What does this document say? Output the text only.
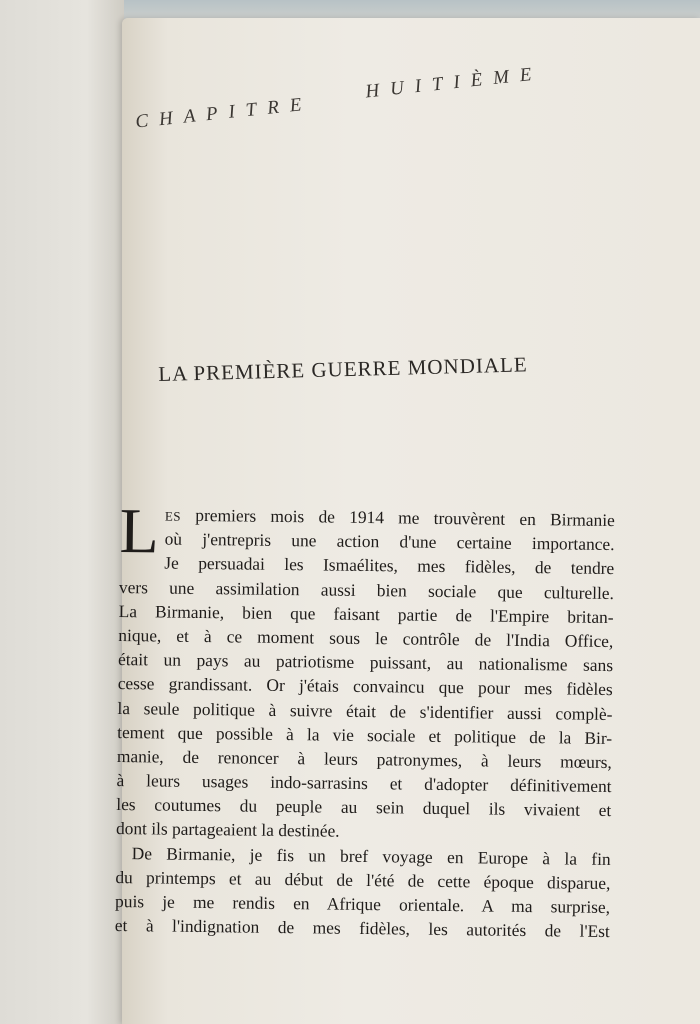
CHAPITRE
HUITIÈME
LA PREMIÈRE GUERRE MONDIALE
L ES premiers mois de 1914 me trouvèrent en Birmanie
où j'entrepris une action d'une certaine importance.
Je persuadai les Ismaélites, mes fidèles, de tendre
vers une assimilation aussi bien sociale que culturelle.
La Birmanie, bien que faisant partie de l'Empire britan-
nique, et à ce moment sous le contrôle de l'India Office,
était un pays au patriotisme puissant, au nationalisme sans
cesse grandissant. Or j'étais convaincu que pour mes fidèles
la seule politique à suivre était de s'identifier aussi complè-
tement que possible à la vie sociale et politique de la Bir-
manie, de renoncer à leurs patronymes, à leurs mœurs,
à leurs usages indo-sarrasins et d'adopter définitivement
les coutumes du peuple au sein duquel ils vivaient et
dont ils partageaient la destinée.
De Birmanie, je fis un bref voyage en Europe à la fin
du printemps et au début de l'été de cette époque disparue,
puis je me rendis en Afrique orientale. A ma surprise,
et à l'indignation de mes fidèles, les autorités de l'Est
